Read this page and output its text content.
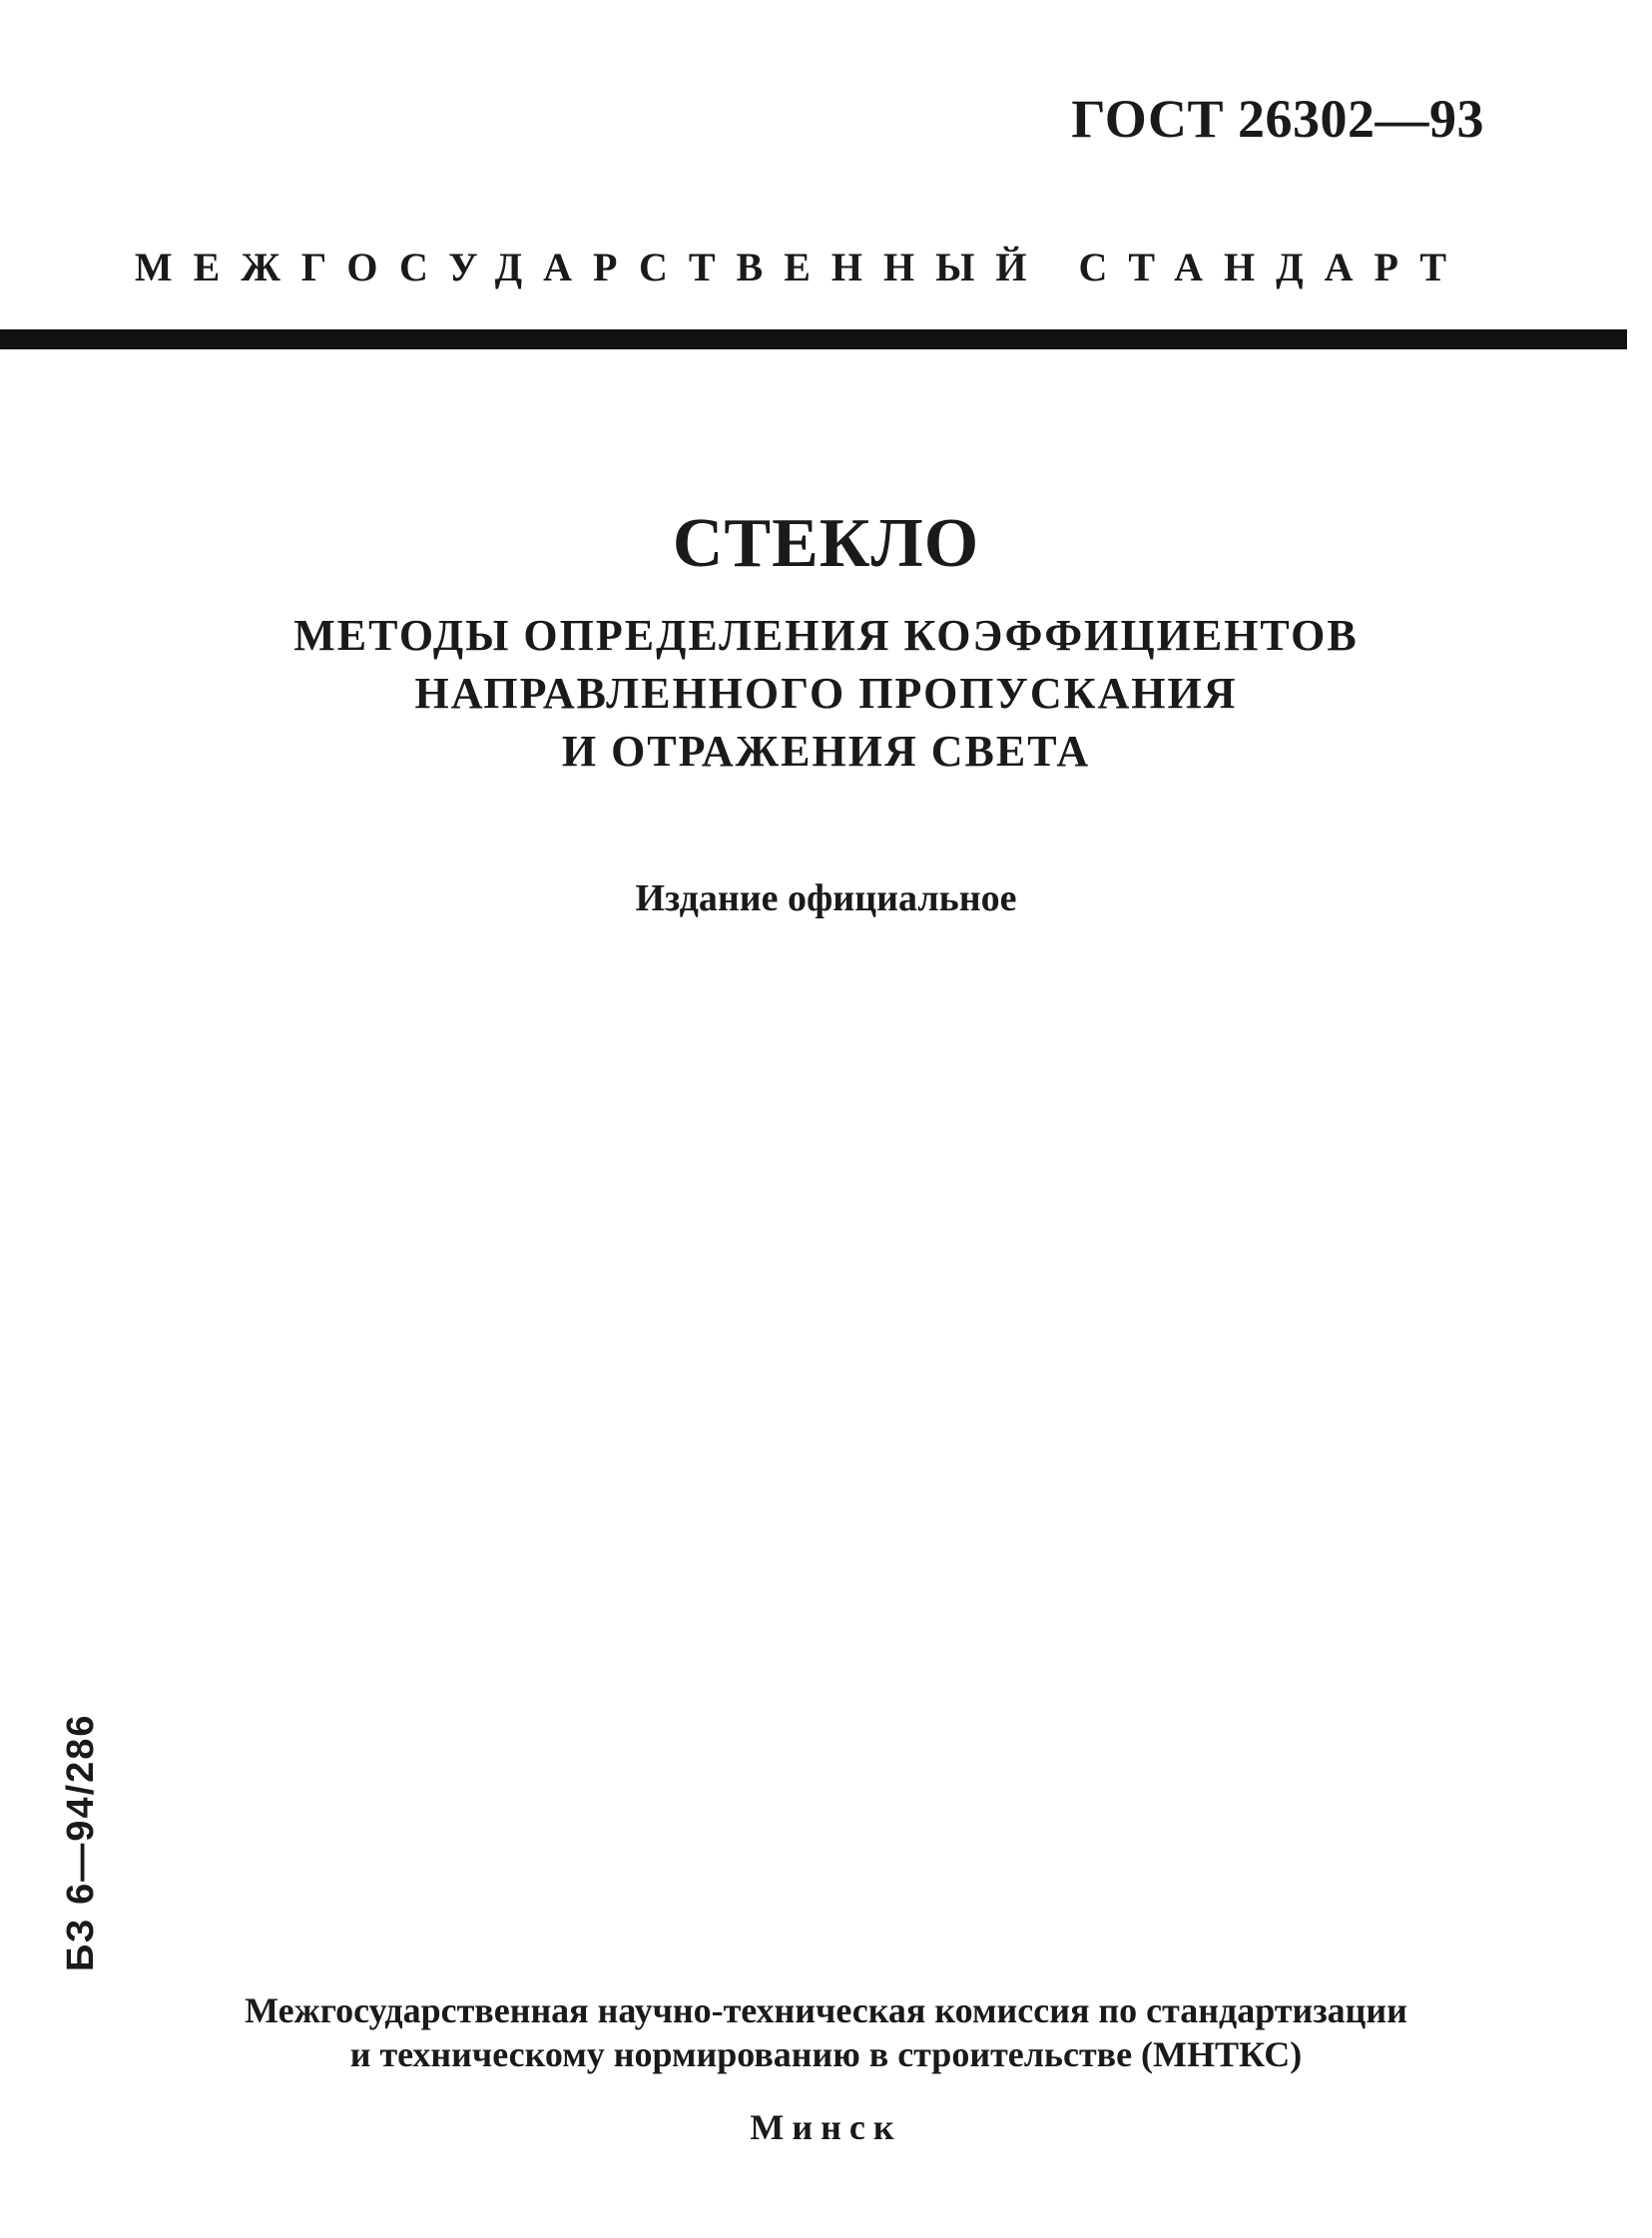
ГОСТ 26302—93
МЕЖГОСУДАРСТВЕННЫЙ СТАНДАРТ
СТЕКЛО
МЕТОДЫ ОПРЕДЕЛЕНИЯ КОЭФФИЦИЕНТОВ
НАПРАВЛЕННОГО ПРОПУСКАНИЯ
И ОТРАЖЕНИЯ СВЕТА
Издание официальное
БЗ 6—94/286
Межгосударственная научно-техническая комиссия по стандартизации
и техническому нормированию в строительстве (МНТКС)
Минск
